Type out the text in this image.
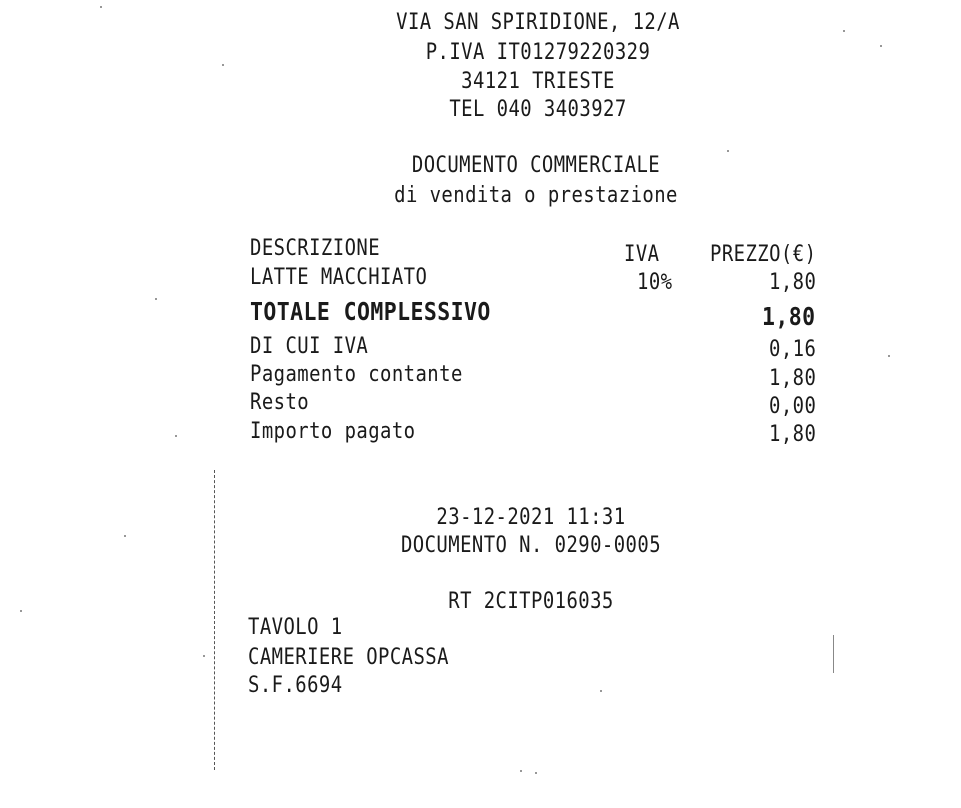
VIA SAN SPIRIDIONE, 12/A
P.IVA IT01279220329
34121 TRIESTE
TEL 040 3403927
DOCUMENTO COMMERCIALE
di vendita o prestazione
DESCRIZIONE	IVA PREZZO(€)
LATTE MACCHIATO	10%	1,80
TOTALE COMPLESSIVO	1,80
DI CUI IVA	0,16
Pagamento contante	1,80
Resto	0,00
Importo pagato	1,80
23-12-2021 11:31
DOCUMENTO N. 0290-0005
RT 2CITP016035
TAVOLO 1
CAMERIERE OPCASSA
S.F.6694
